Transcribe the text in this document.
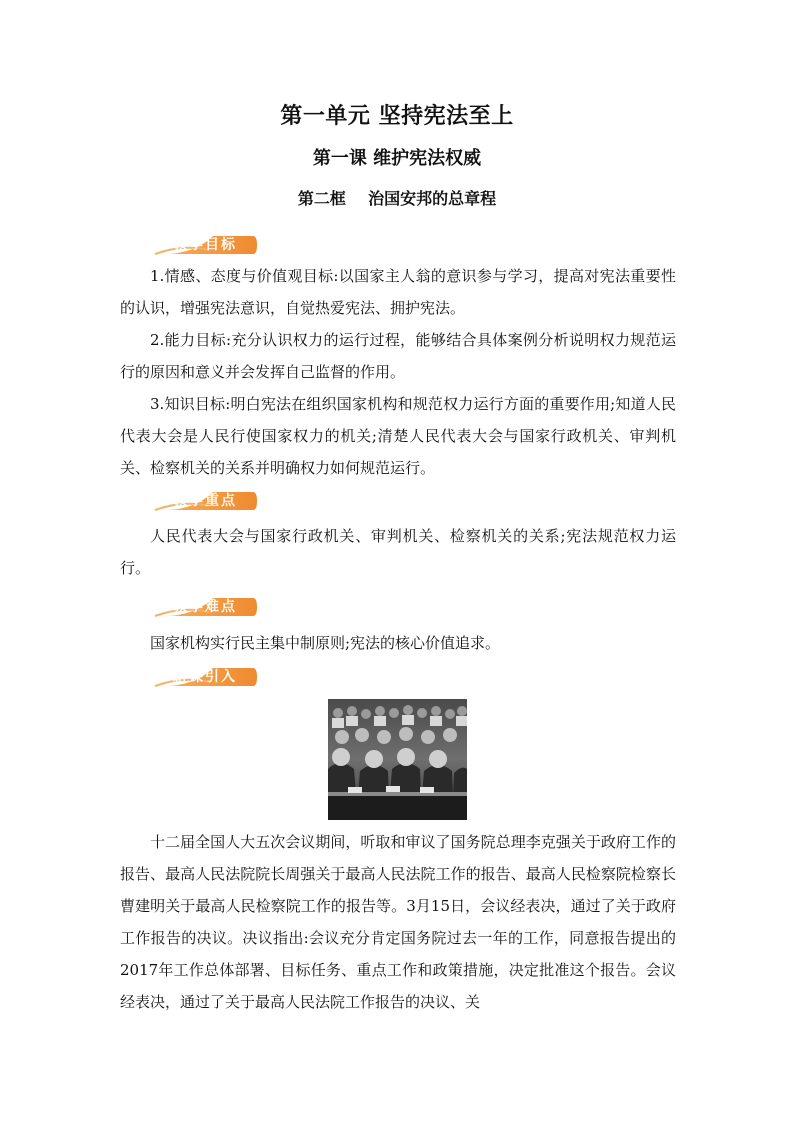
第一单元 坚持宪法至上
第一课 维护宪法权威
第二框    治国安邦的总章程
教学目标

1.情感、态度与价值观目标:以国家主人翁的意识参与学习，提高对宪法重要性的认识，增强宪法意识，自觉热爱宪法、拥护宪法。

2.能力目标:充分认识权力的运行过程，能够结合具体案例分析说明权力规范运行的原因和意义并会发挥自己监督的作用。

3.知识目标:明白宪法在组织国家机构和规范权力运行方面的重要作用;知道人民代表大会是人民行使国家权力的机关;清楚人民代表大会与国家行政机关、审判机关、检察机关的关系并明确权力如何规范运行。

教学重点

人民代表大会与国家行政机关、审判机关、检察机关的关系;宪法规范权力运行。

教学难点

国家机构实行民主集中制原则;宪法的核心价值追求。

新课引入

十二届全国人大五次会议期间，听取和审议了国务院总理李克强关于政府工作的报告、最高人民法院院长周强关于最高人民法院工作的报告、最高人民检察院检察长曹建明关于最高人民检察院工作的报告等。3月15日，会议经表决，通过了关于政府工作报告的决议。决议指出:会议充分肯定国务院过去一年的工作，同意报告提出的2017年工作总体部署、目标任务、重点工作和政策措施，决定批准这个报告。会议经表决，通过了关于最高人民法院工作报告的决议、关
